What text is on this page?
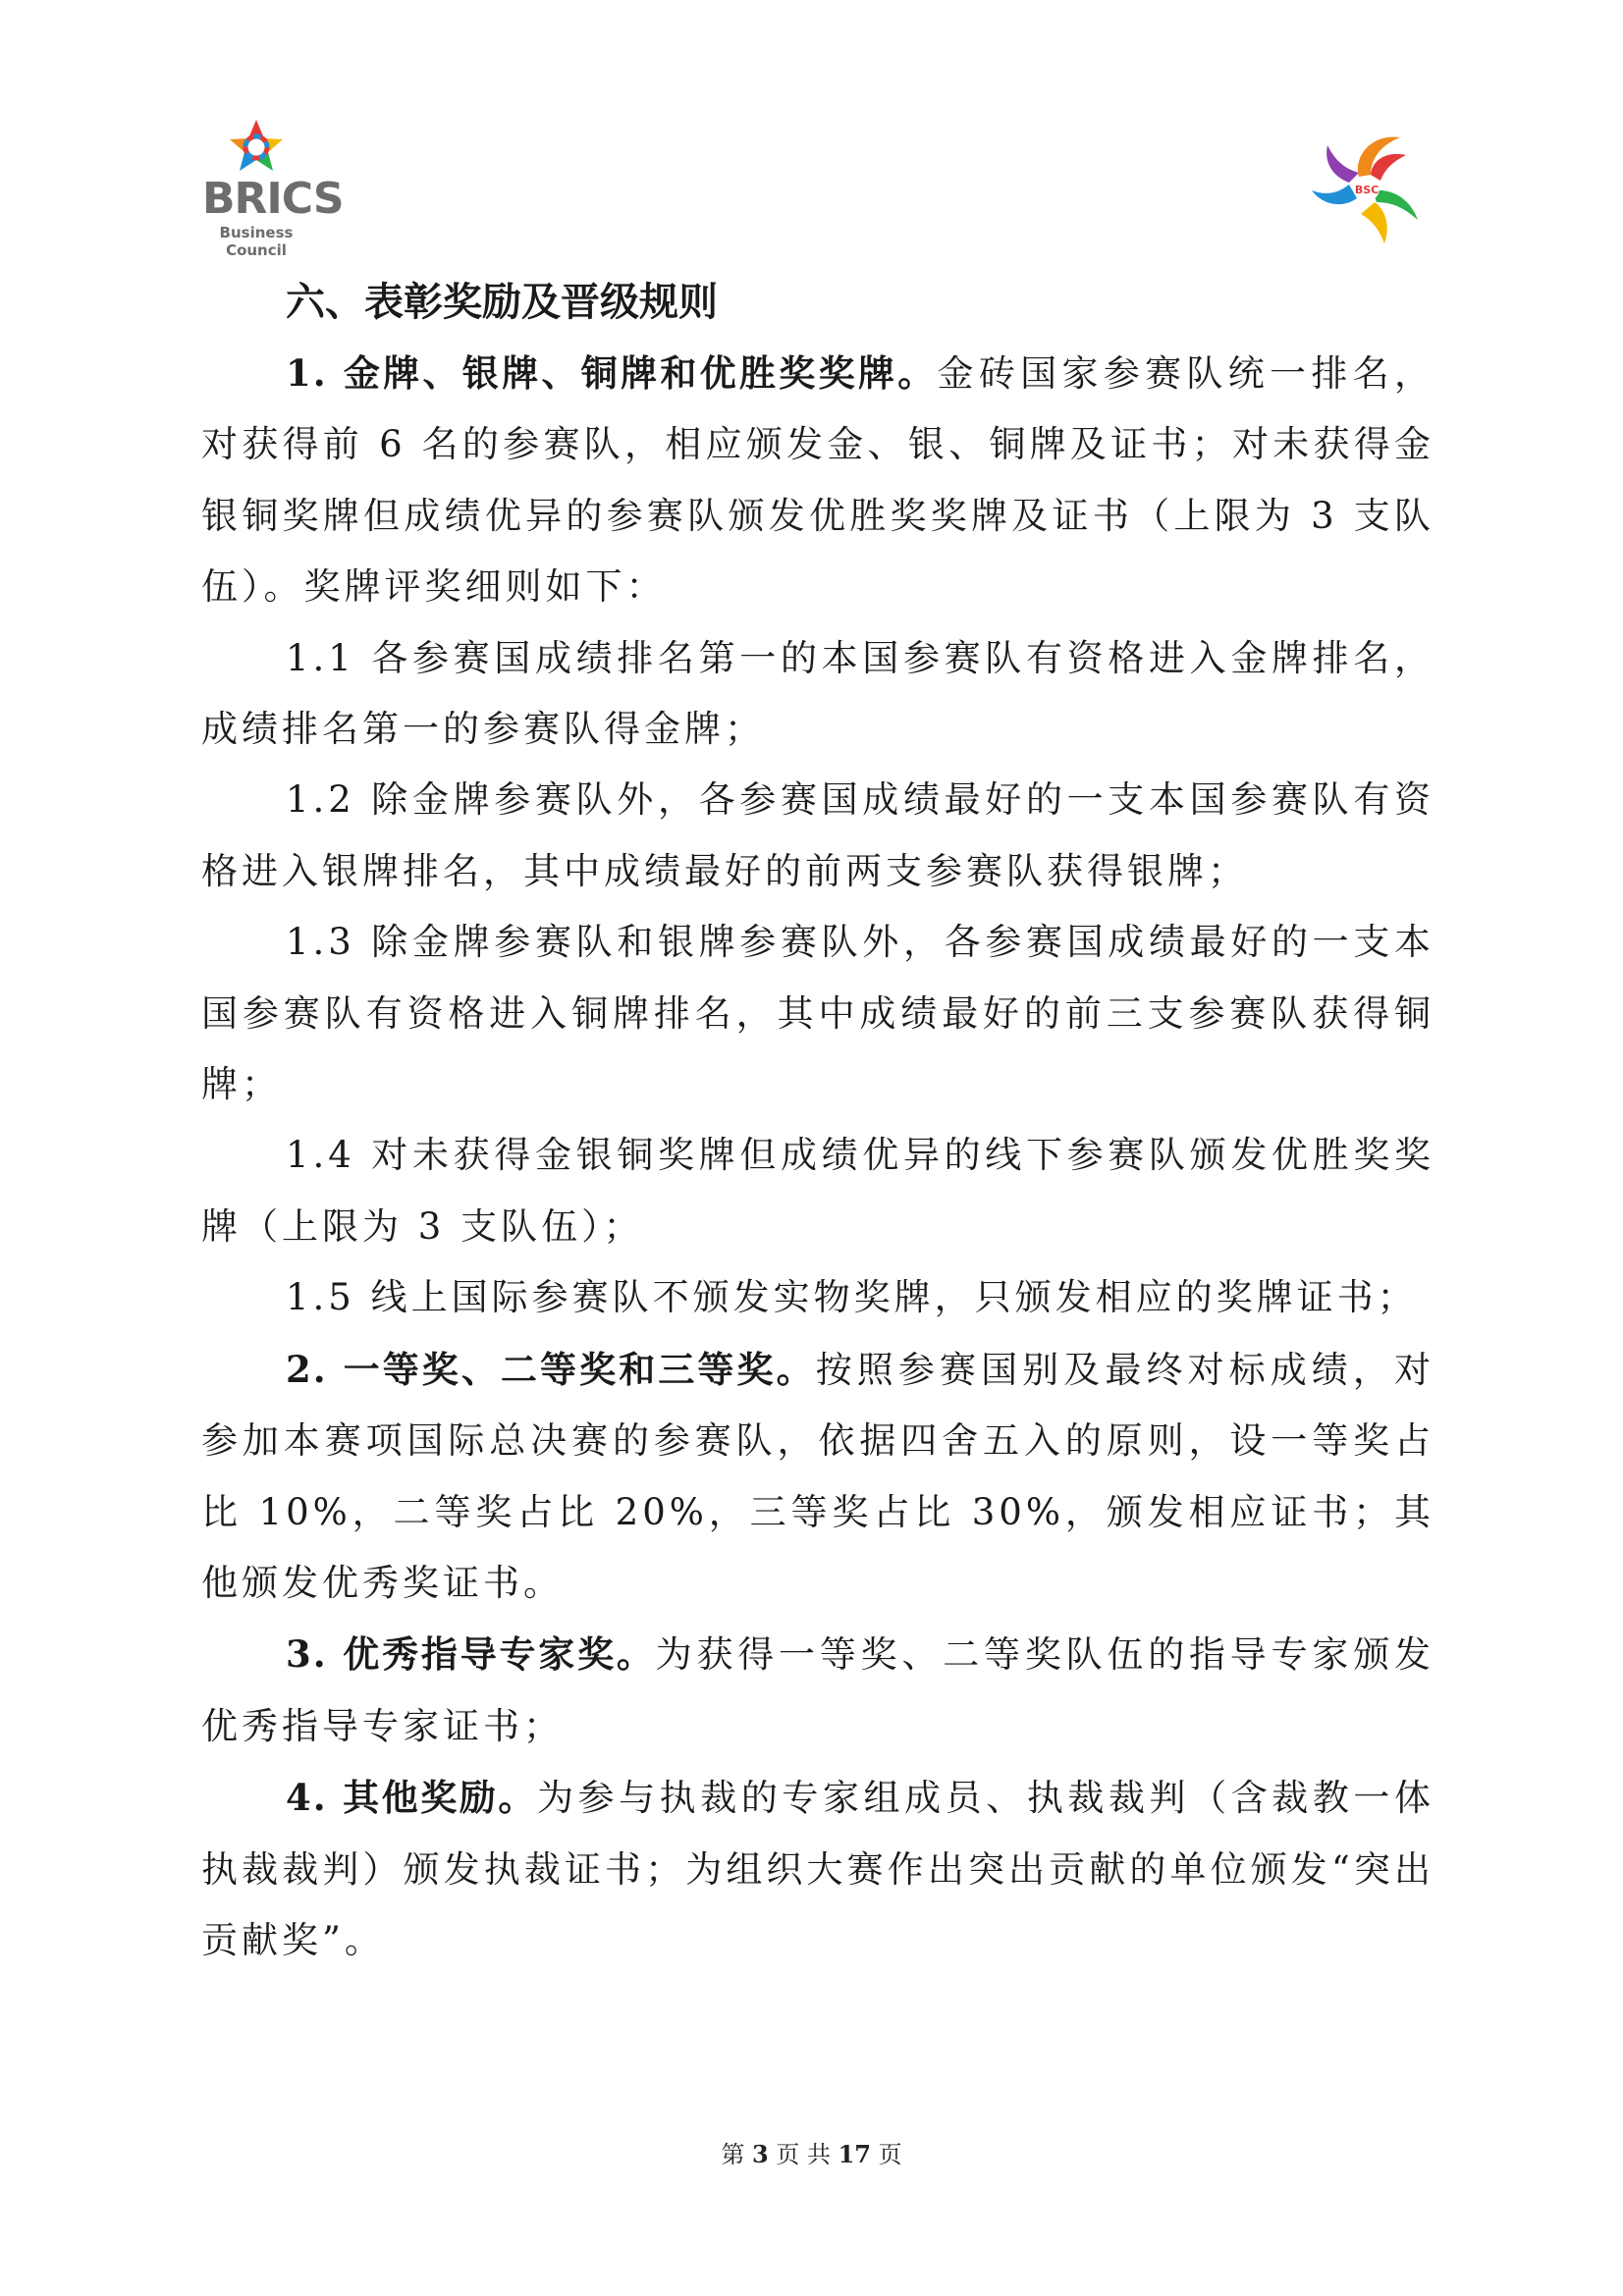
BRICS
Business Council
BSC
六、表彰奖励及晋级规则

1. 金牌、银牌、铜牌和优胜奖奖牌。金砖国家参赛队统一排名，对获得前 6 名的参赛队，相应颁发金、银、铜牌及证书；对未获得金银铜奖牌但成绩优异的参赛队颁发优胜奖奖牌及证书（上限为 3 支队伍）。奖牌评奖细则如下：

1.1 各参赛国成绩排名第一的本国参赛队有资格进入金牌排名，成绩排名第一的参赛队得金牌；

1.2 除金牌参赛队外，各参赛国成绩最好的一支本国参赛队有资格进入银牌排名，其中成绩最好的前两支参赛队获得银牌；

1.3 除金牌参赛队和银牌参赛队外，各参赛国成绩最好的一支本国参赛队有资格进入铜牌排名，其中成绩最好的前三支参赛队获得铜牌；

1.4 对未获得金银铜奖牌但成绩优异的线下参赛队颁发优胜奖奖牌（上限为 3 支队伍）；

1.5 线上国际参赛队不颁发实物奖牌，只颁发相应的奖牌证书；

2. 一等奖、二等奖和三等奖。按照参赛国别及最终对标成绩，对参加本赛项国际总决赛的参赛队，依据四舍五入的原则，设一等奖占比 10%，二等奖占比 20%，三等奖占比 30%，颁发相应证书；其他颁发优秀奖证书。

3. 优秀指导专家奖。为获得一等奖、二等奖队伍的指导专家颁发优秀指导专家证书；

4. 其他奖励。为参与执裁的专家组成员、执裁裁判（含裁教一体执裁裁判）颁发执裁证书；为组织大赛作出突出贡献的单位颁发“突出贡献奖”。

第 3 页 共 17 页
